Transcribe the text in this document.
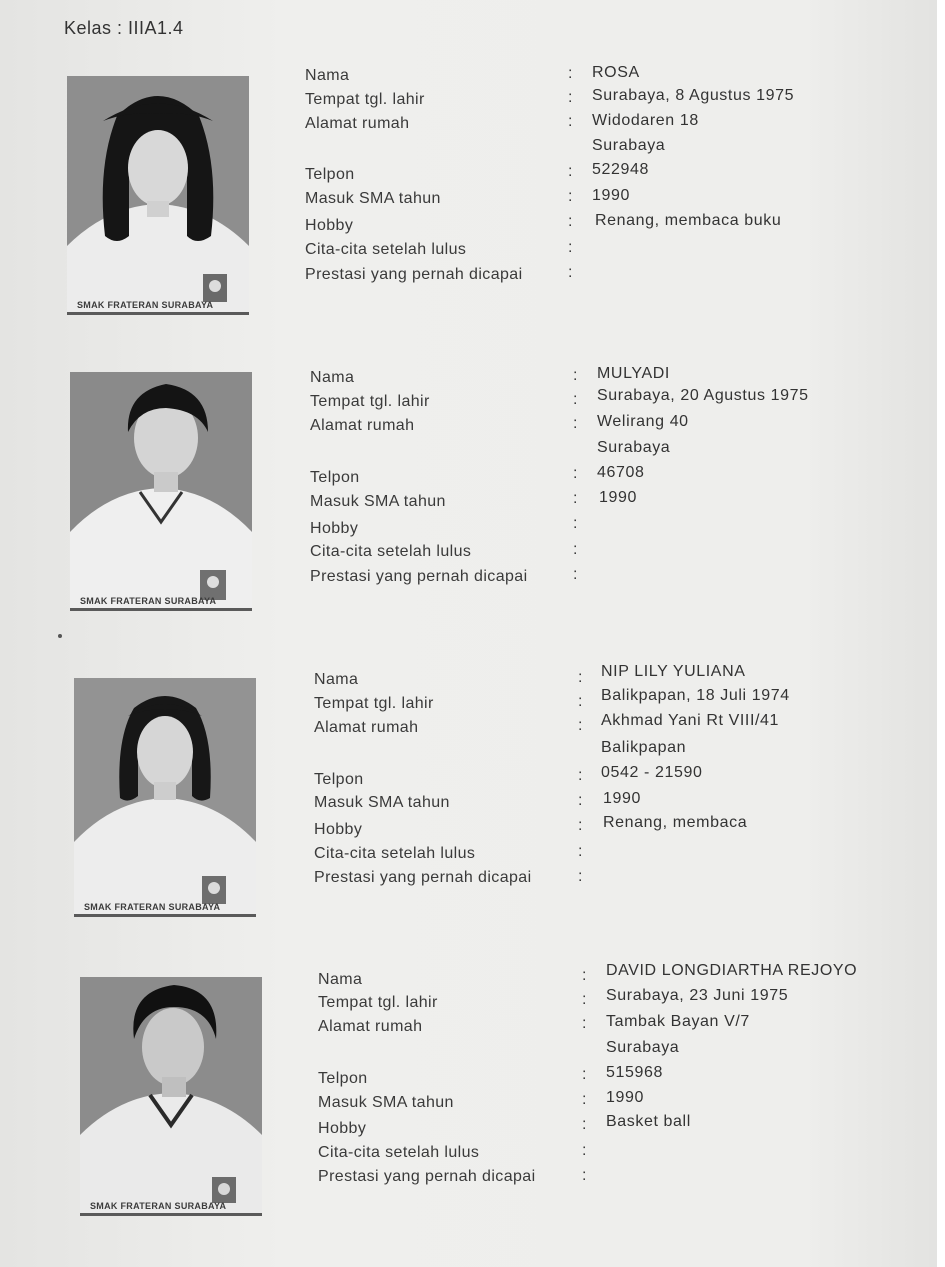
Kelas : IIIA1.4
SMAK FRATERAN SURABAYA
Nama
Tempat tgl. lahir
Alamat rumah
Telpon
Masuk SMA tahun
Hobby
Cita-cita setelah lulus
Prestasi yang pernah dicapai
:
:
:
:
:
:
:
:
ROSA
Surabaya, 8 Agustus 1975
Widodaren 18
Surabaya
522948
1990
Renang, membaca buku
SMAK FRATERAN SURABAYA
Nama
Tempat tgl. lahir
Alamat rumah
Telpon
Masuk SMA tahun
Hobby
Cita-cita setelah lulus
Prestasi yang pernah dicapai
:
:
:
:
:
:
:
:
MULYADI
Surabaya, 20 Agustus 1975
Welirang 40
Surabaya
46708
1990
SMAK FRATERAN SURABAYA
Nama
Tempat tgl. lahir
Alamat rumah
Telpon
Masuk SMA tahun
Hobby
Cita-cita setelah lulus
Prestasi yang pernah dicapai
:
:
:
:
:
:
:
:
NIP LILY YULIANA
Balikpapan, 18 Juli 1974
Akhmad Yani Rt VIII/41
Balikpapan
0542 - 21590
1990
Renang, membaca
SMAK FRATERAN SURABAYA
Nama
Tempat tgl. lahir
Alamat rumah
Telpon
Masuk SMA tahun
Hobby
Cita-cita setelah lulus
Prestasi yang pernah dicapai
:
:
:
:
:
:
:
:
DAVID LONGDIARTHA REJOYO
Surabaya, 23 Juni 1975
Tambak Bayan V/7
Surabaya
515968
1990
Basket ball
